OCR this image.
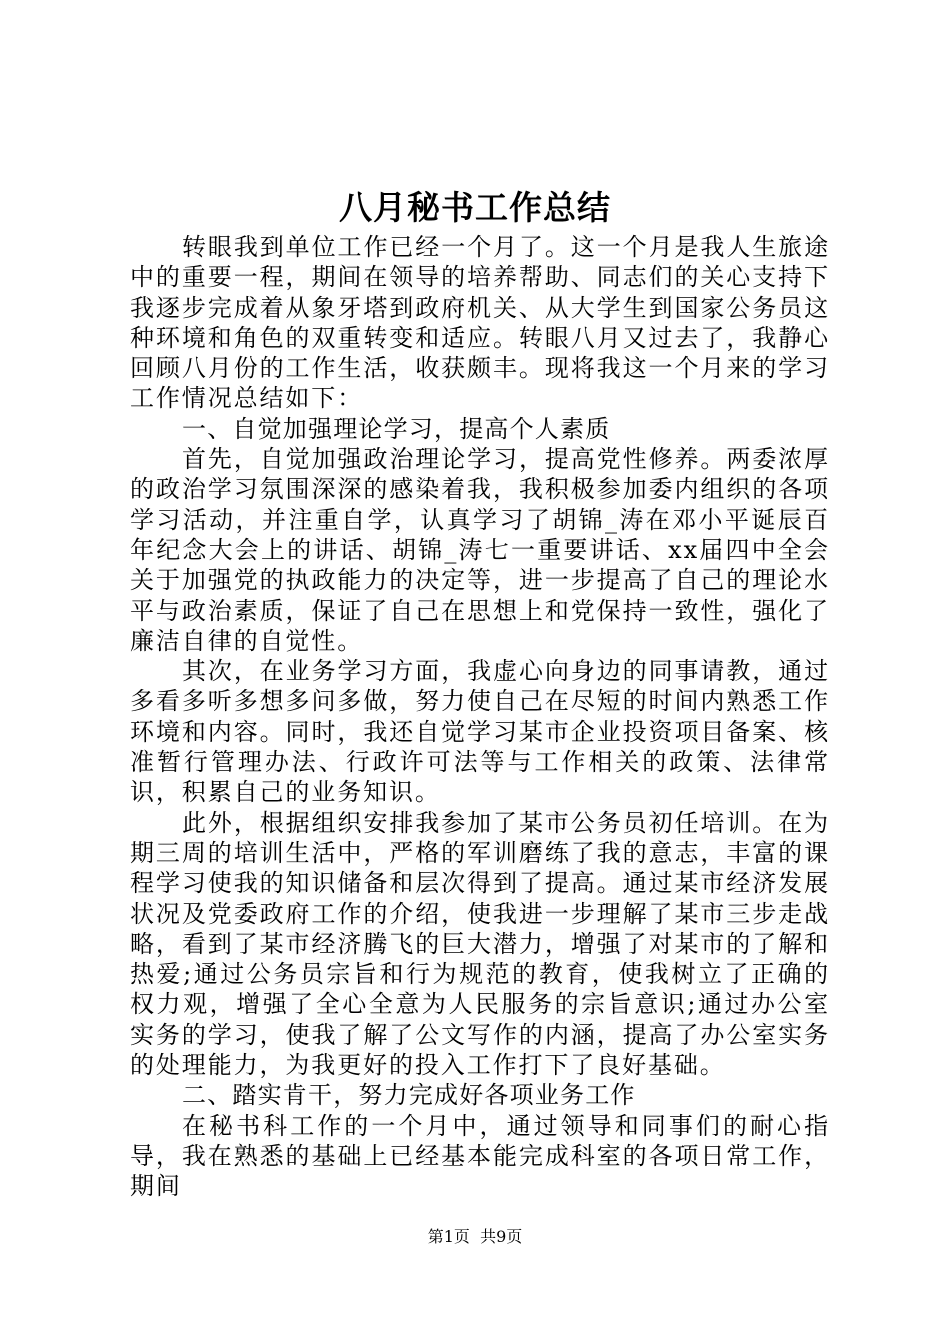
八月秘书工作总结

转眼我到单位工作已经一个月了。这一个月是我人生旅途中的重要一程，期间在领导的培养帮助、同志们的关心支持下我逐步完成着从象牙塔到政府机关、从大学生到国家公务员这种环境和角色的双重转变和适应。转眼八月又过去了，我静心回顾八月份的工作生活，收获颇丰。现将我这一个月来的学习工作情况总结如下：

一、自觉加强理论学习，提高个人素质

首先，自觉加强政治理论学习，提高党性修养。两委浓厚的政治学习氛围深深的感染着我，我积极参加委内组织的各项学习活动，并注重自学，认真学习了胡锦_涛在邓小平诞辰百年纪念大会上的讲话、胡锦_涛七一重要讲话、xx届四中全会关于加强党的执政能力的决定等，进一步提高了自己的理论水平与政治素质，保证了自己在思想上和党保持一致性，强化了廉洁自律的自觉性。

其次，在业务学习方面，我虚心向身边的同事请教，通过多看多听多想多问多做，努力使自己在尽短的时间内熟悉工作环境和内容。同时，我还自觉学习某市企业投资项目备案、核准暂行管理办法、行政许可法等与工作相关的政策、法律常识，积累自己的业务知识。

此外，根据组织安排我参加了某市公务员初任培训。在为期三周的培训生活中，严格的军训磨练了我的意志，丰富的课程学习使我的知识储备和层次得到了提高。通过某市经济发展状况及党委政府工作的介绍，使我进一步理解了某市三步走战略，看到了某市经济腾飞的巨大潜力，增强了对某市的了解和热爱;通过公务员宗旨和行为规范的教育，使我树立了正确的权力观，增强了全心全意为人民服务的宗旨意识;通过办公室实务的学习，使我了解了公文写作的内涵，提高了办公室实务的处理能力，为我更好的投入工作打下了良好基础。

二、踏实肯干，努力完成好各项业务工作

在秘书科工作的一个月中，通过领导和同事们的耐心指导，我在熟悉的基础上已经基本能完成科室的各项日常工作，期间

第1页 共9页
